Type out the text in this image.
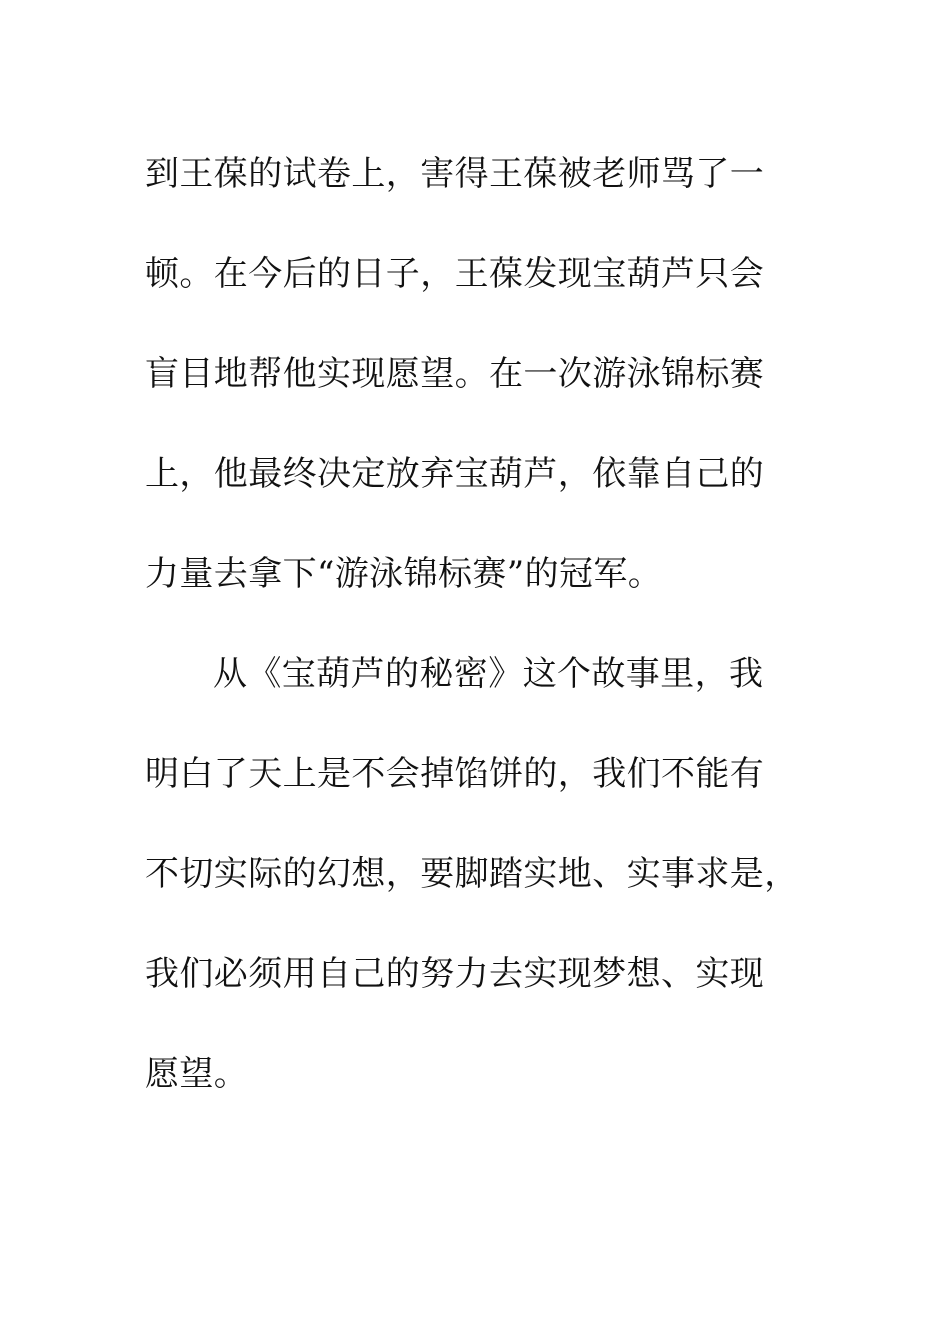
到王葆的试卷上，害得王葆被老师骂了一
顿。在今后的日子，王葆发现宝葫芦只会
盲目地帮他实现愿望。在一次游泳锦标赛
上，他最终决定放弃宝葫芦，依靠自己的
力量去拿下“游泳锦标赛”的冠军。
从《宝葫芦的秘密》这个故事里，我
明白了天上是不会掉馅饼的，我们不能有
不切实际的幻想，要脚踏实地、实事求是，
我们必须用自己的努力去实现梦想、实现
愿望。
